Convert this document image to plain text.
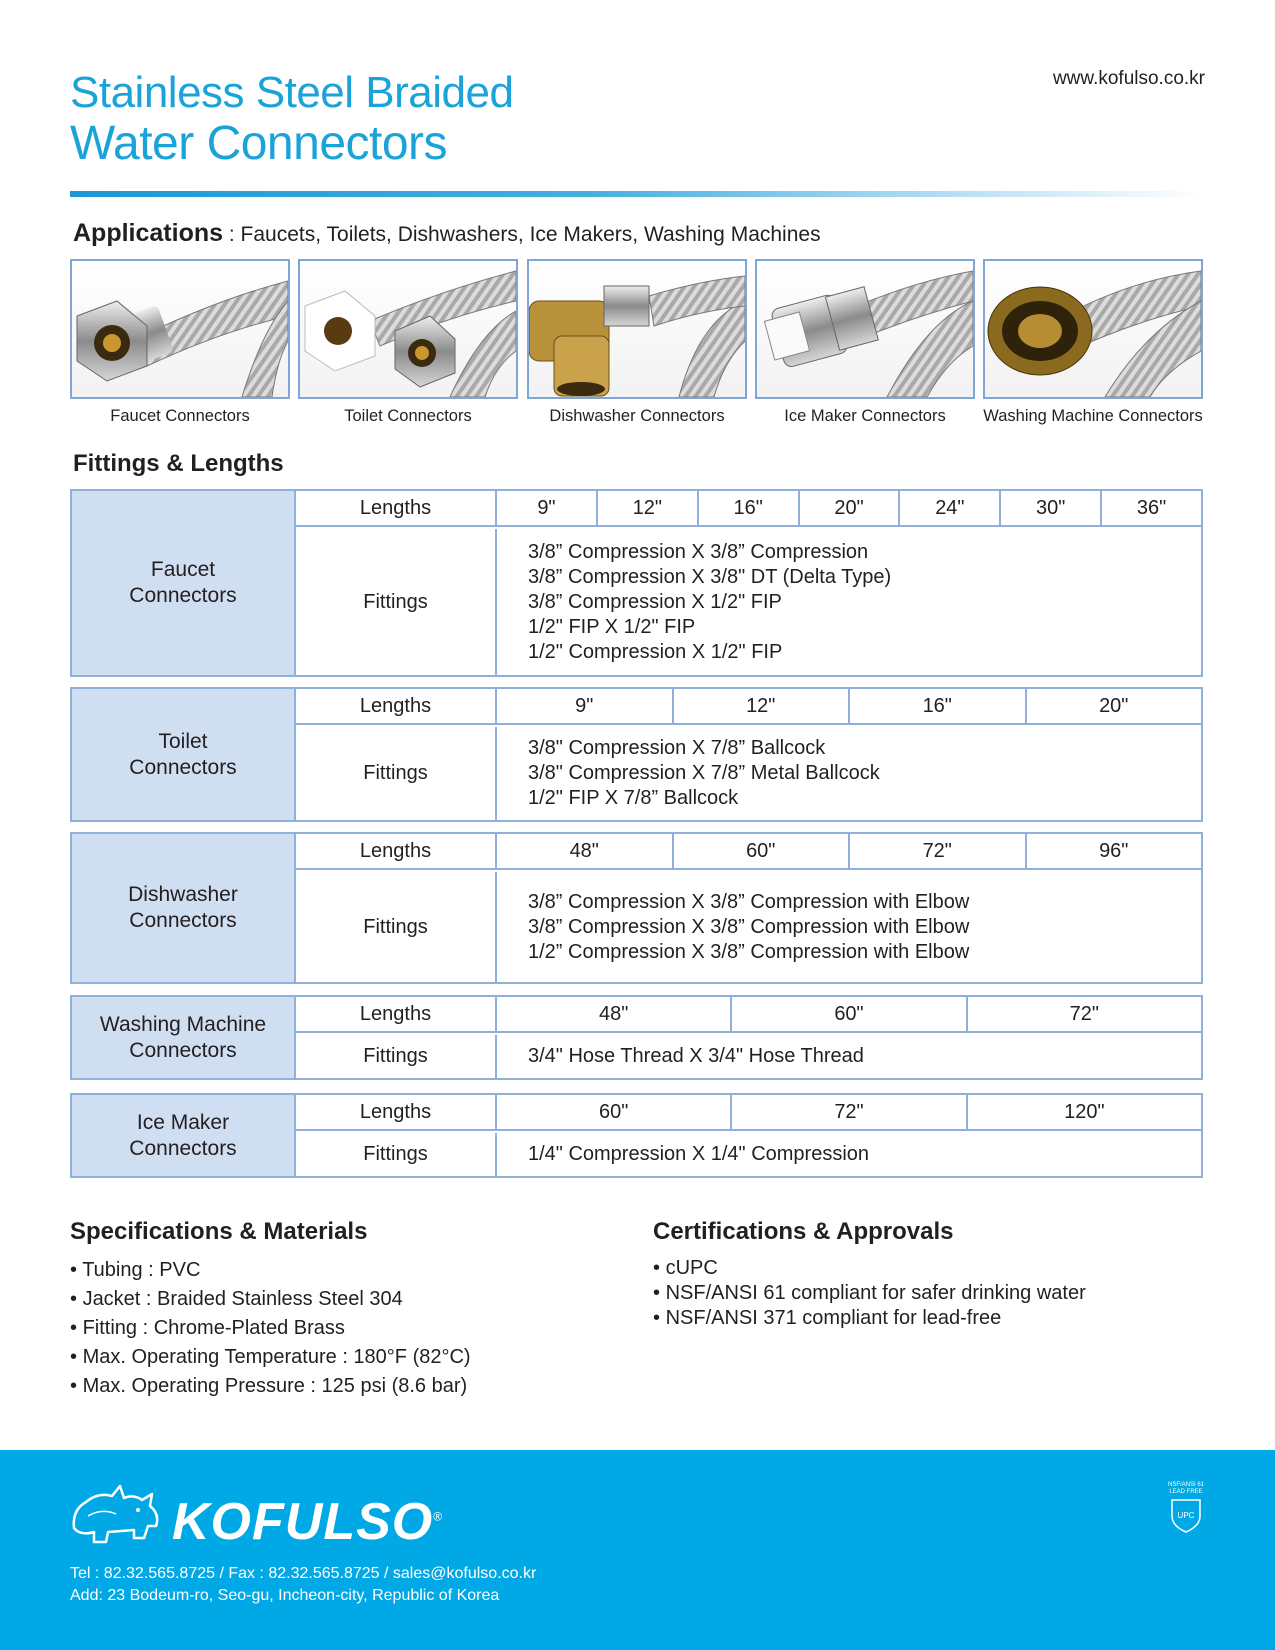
Stainless Steel Braided
Water Connectors
www.kofulso.co.kr
Applications : Faucets, Toilets, Dishwashers, Ice Makers, Washing Machines
Faucet Connectors	Toilet Connectors	Dishwasher Connectors	Ice Maker Connectors	Washing Machine Connectors
Fittings & Lengths
Faucet
Connectors
Lengths	9"	12"	16"	20"	24"	30"	36"
Fittings
3/8” Compression X 3/8” Compression
3/8” Compression X 3/8" DT (Delta Type)
3/8” Compression X 1/2" FIP
1/2" FIP X 1/2" FIP
1/2" Compression X 1/2" FIP
Toilet
Connectors
Lengths	9"	12"	16"	20"
Fittings
3/8" Compression X 7/8” Ballcock
3/8" Compression X 7/8” Metal Ballcock
1/2" FIP X 7/8” Ballcock
Dishwasher
Connectors
Lengths	48"	60"	72"	96"
Fittings
3/8” Compression X 3/8” Compression with Elbow
3/8” Compression X 3/8” Compression with Elbow
1/2” Compression X 3/8” Compression with Elbow
Washing Machine
Connectors
Lengths	48"	60"	72"
Fittings	3/4" Hose Thread X 3/4" Hose Thread
Ice Maker
Connectors
Lengths	60"	72"	120"
Fittings	1/4" Compression X 1/4" Compression
Specifications & Materials
• Tubing : PVC
• Jacket : Braided Stainless Steel 304
• Fitting : Chrome-Plated Brass
• Max. Operating Temperature : 180°F (82°C)
• Max. Operating Pressure : 125 psi (8.6 bar)
Certifications & Approvals
• cUPC
• NSF/ANSI 61 compliant for safer drinking water
• NSF/ANSI 371 compliant for lead-free
KOFULSO®
Tel : 82.32.565.8725 / Fax : 82.32.565.8725 / sales@kofulso.co.kr
Add: 23 Bodeum-ro, Seo-gu, Incheon-city, Republic of Korea
NSF/ANSI 61
LEAD FREE
UPC
